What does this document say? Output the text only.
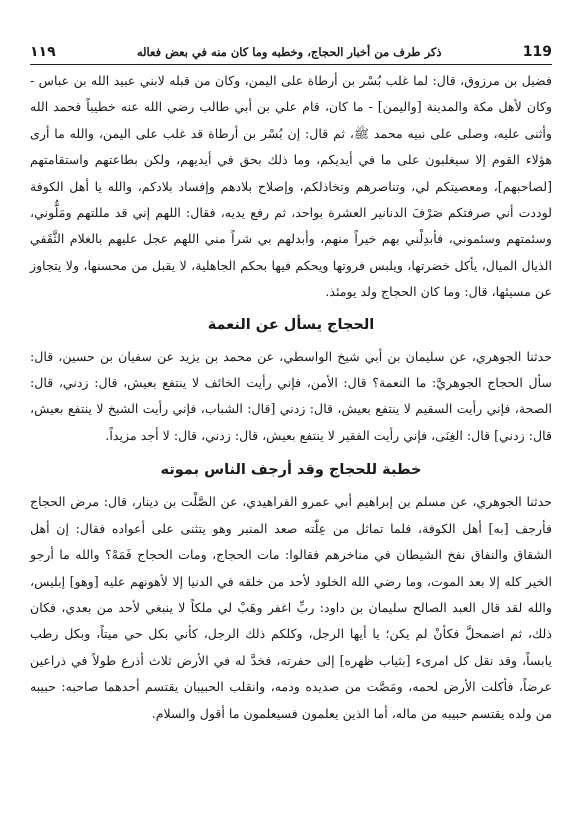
119
ذكر طرف من أخبار الحجاج، وخطبه وما كان منه في بعض فعاله
١١٩

فضيل بن مرزوق، قال: لما غلب بُسْر بن أرطاة على اليمن، وكان من قبله لابني عبيد الله بن عباس - وكان لأهل مكة والمدينة [واليمن] - ما كان، قام علي بن أبي طالب رضي الله عنه خطيباً فحمد الله وأثنى عليه، وصلى على نبيه محمد ﷺ، ثم قال: إن بُسْر بن أرطاة قد غلب على اليمن، والله ما أرى هؤلاء القوم إلا سيغلبون على ما في أيديكم، وما ذلك بحق في أيديهم، ولكن بطاعتهم واستقامتهم [لصاحبهم]، ومعصيتكم لي، وتناصرهم وتخاذلكم، وإصلاح بلادهم وإفساد بلادكم، والله يا أهل الكوفة لوددت أني صرفتكم صَرْفَ الدنانير العشرة بواحد، ثم رفع يديه، فقال: اللهم إني قد مللتهم ومَلُّوني، وسئمتهم وسئموني، فأبدِلْني بهم خيراً منهم، وأبدلهم بي شراً مني اللهم عجل عليهم بالغلام الثَّقَفي الذيال الميال، يأكل خضرتها، ويلبس فروتها ويحكم فيها بحكم الجاهلية، لا يقبل من محسنها، ولا يتجاوز عن مسيئها، قال: وما كان الحجاج ولد يومئذ.

الحجاج يسأل عن النعمة

حدثنا الجوهري، عن سليمان بن أبي شيخ الواسطي، عن محمد بن يزيد عن سفيان بن حسين، قال: سأل الحجاج الجوهريَّ: ما النعمة؟ قال: الأمن، فإني رأيت الخائف لا ينتفع بعيش، قال: زدني، قال: الصحة، فإني رأيت السقيم لا ينتفع بعيش، قال: زدني [قال: الشباب، فإني رأيت الشيخ لا ينتفع بعيش، قال: زدني] قال: الغِنَى، فإني رأيت الفقير لا ينتفع بعيش، قال: زدني، قال: لا أجد مزيداً.

خطبة للحجاج وقد أرجف الناس بموته

حدثنا الجوهري، عن مسلم بن إبراهيم أبي عمرو الفراهيدي، عن الصَّلْت بن دينار، قال: مرض الحجاج فأرجف [به] أهل الكوفة، فلما تماثل من عِلّته صعد المنبر وهو يتثنى على أعواده فقال: إن أهل الشقاق والنفاق نفخ الشيطان في مناخرهم فقالوا: مات الحجاج، ومات الحجاج فَمَهْ؟ والله ما أرجو الخير كله إلا بعد الموت، وما رضي الله الخلود لأحد من خلقه في الدنيا إلا لأهونهم عليه [وهو] إبليس، والله لقد قال العبد الصالح سليمان بن داود: ربِّ اغفر وهَبْ لي ملكاً لا ينبغي لأحد من بعدي، فكان ذلك، ثم اضمحلَّ فكأنْ لم يكن؛ يا أيها الرجل، وكلكم ذلك الرجل، كأني بكل حي ميتاً، وبكل رطب يابساً، وقد نقل كل امرىء [بثياب ظهره] إلى حفرته، فخدَّ له في الأرض ثلاث أذرع طولاً في ذراعين عرضاً، فأكلت الأرض لحمه، ومَصَّت من صديده ودمه، وانقلب الحبيبان يقتسم أحدهما صاحبه: حبيبه من ولده يقتسم حبيبه من ماله، أما الذين يعلمون فسيعلمون ما أقول والسلام.
